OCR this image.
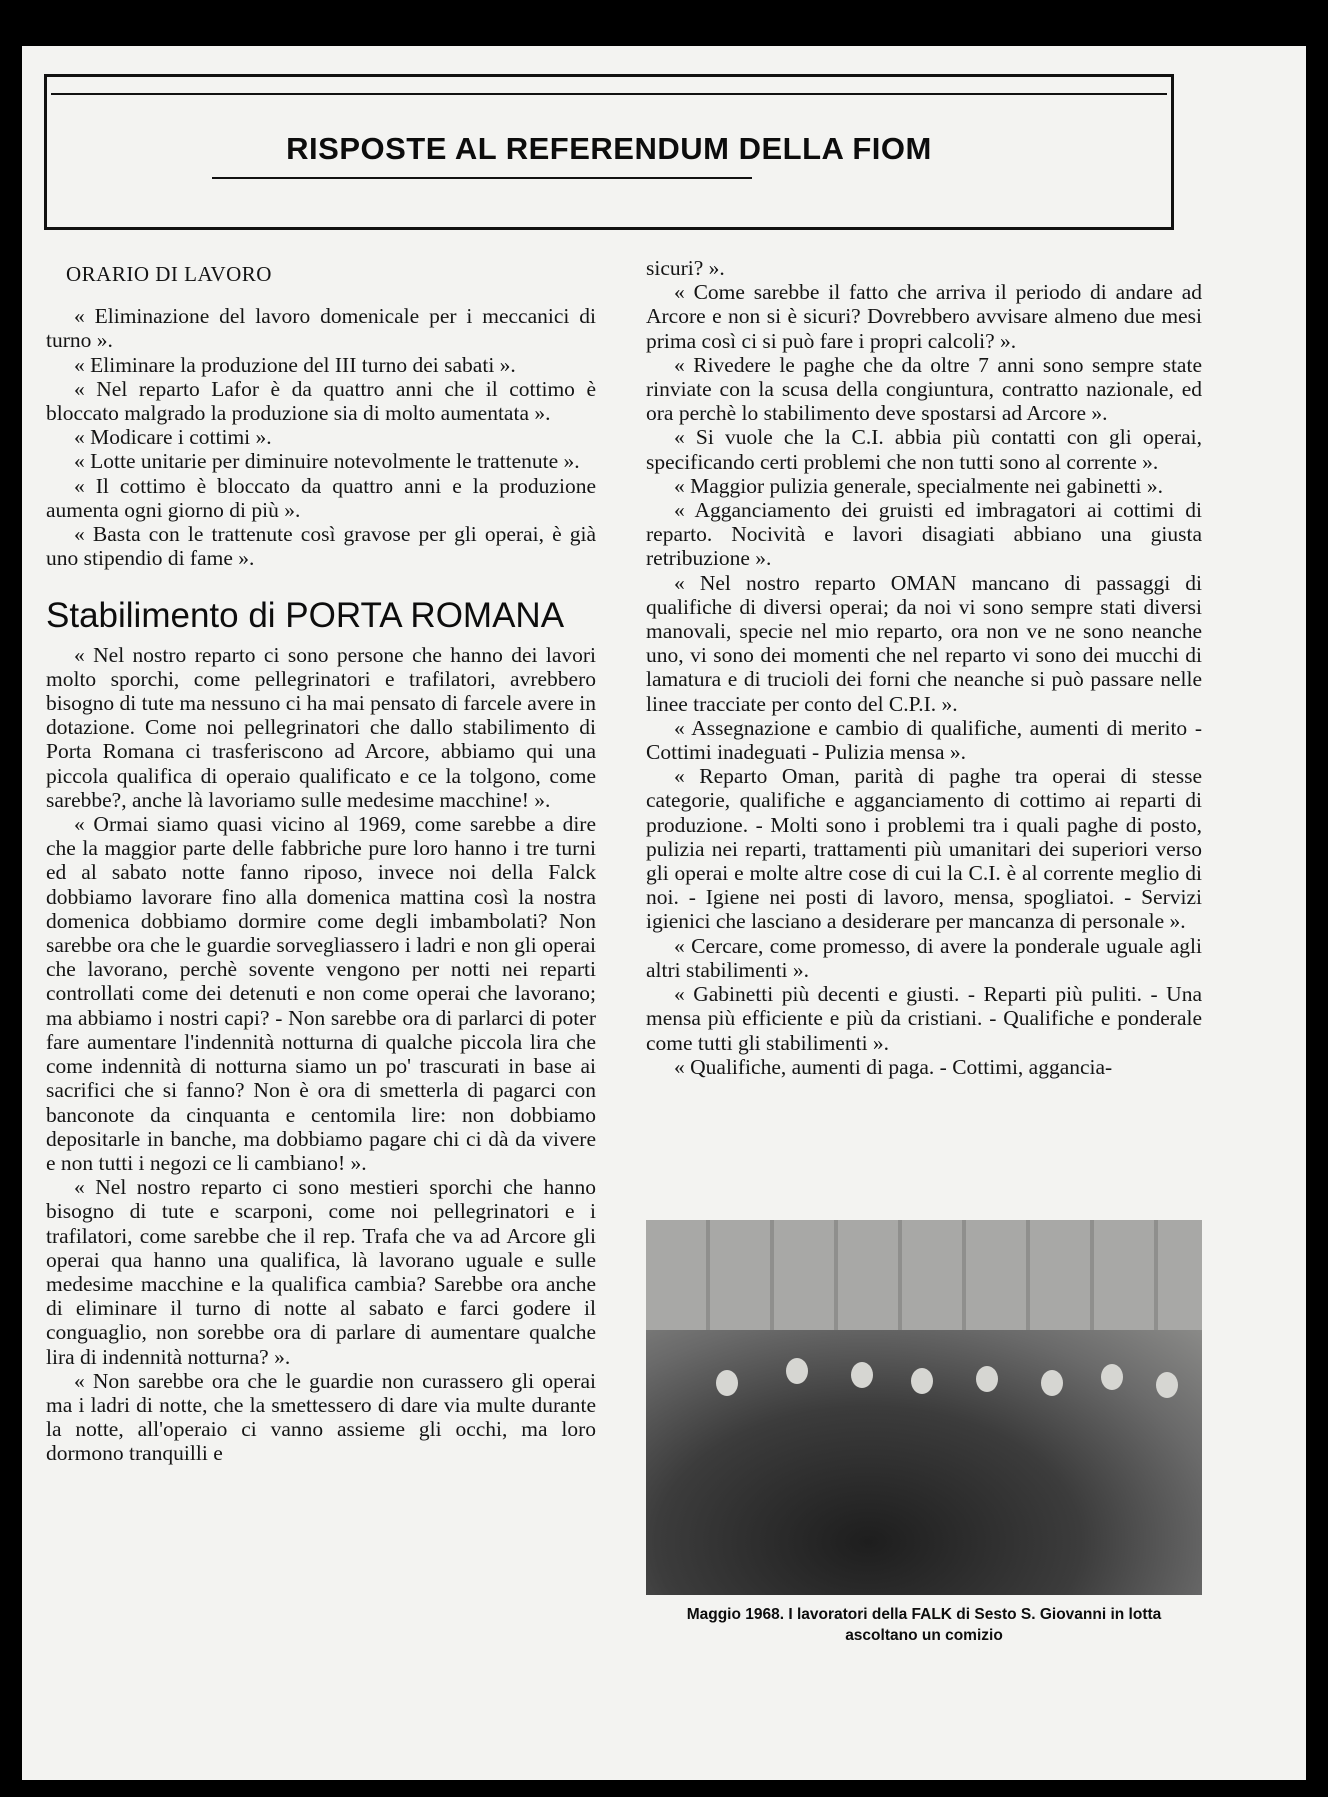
RISPOSTE AL REFERENDUM DELLA FIOM
ORARIO DI LAVORO

« Eliminazione del lavoro domenicale per i meccanici di turno ».

« Eliminare la produzione del III turno dei sabati ».

« Nel reparto Lafor è da quattro anni che il cottimo è bloccato malgrado la produzione sia di molto aumentata ».

« Modicare i cottimi ».

« Lotte unitarie per diminuire notevolmente le trattenute ».

« Il cottimo è bloccato da quattro anni e la produzione aumenta ogni giorno di più ».

« Basta con le trattenute così gravose per gli operai, è già uno stipendio di fame ».

Stabilimento di PORTA ROMANA

« Nel nostro reparto ci sono persone che hanno dei lavori molto sporchi, come pellegrinatori e trafilatori, avrebbero bisogno di tute ma nessuno ci ha mai pensato di farcele avere in dotazione. Come noi pellegrinatori che dallo stabilimento di Porta Romana ci trasferiscono ad Arcore, abbiamo qui una piccola qualifica di operaio qualificato e ce la tolgono, come sarebbe?, anche là lavoriamo sulle medesime macchine! ».

« Ormai siamo quasi vicino al 1969, come sarebbe a dire che la maggior parte delle fabbriche pure loro hanno i tre turni ed al sabato notte fanno riposo, invece noi della Falck dobbiamo lavorare fino alla domenica mattina così la nostra domenica dobbiamo dormire come degli imbambolati? Non sarebbe ora che le guardie sorvegliassero i ladri e non gli operai che lavorano, perchè sovente vengono per notti nei reparti controllati come dei detenuti e non come operai che lavorano; ma abbiamo i nostri capi? - Non sarebbe ora di parlarci di poter fare aumentare l'indennità notturna di qualche piccola lira che come indennità di notturna siamo un po' trascurati in base ai sacrifici che si fanno? Non è ora di smetterla di pagarci con banconote da cinquanta e centomila lire: non dobbiamo depositarle in banche, ma dobbiamo pagare chi ci dà da vivere e non tutti i negozi ce li cambiano! ».

« Nel nostro reparto ci sono mestieri sporchi che hanno bisogno di tute e scarponi, come noi pellegrinatori e i trafilatori, come sarebbe che il rep. Trafa che va ad Arcore gli operai qua hanno una qualifica, là lavorano uguale e sulle medesime macchine e la qualifica cambia? Sarebbe ora anche di eliminare il turno di notte al sabato e farci godere il conguaglio, non sorebbe ora di parlare di aumentare qualche lira di indennità notturna? ».

« Non sarebbe ora che le guardie non curassero gli operai ma i ladri di notte, che la smettessero di dare via multe durante la notte, all'operaio ci vanno assieme gli occhi, ma loro dormono tranquilli e

sicuri? ».

« Come sarebbe il fatto che arriva il periodo di andare ad Arcore e non si è sicuri? Dovrebbero avvisare almeno due mesi prima così ci si può fare i propri calcoli? ».

« Rivedere le paghe che da oltre 7 anni sono sempre state rinviate con la scusa della congiuntura, contratto nazionale, ed ora perchè lo stabilimento deve spostarsi ad Arcore ».

« Si vuole che la C.I. abbia più contatti con gli operai, specificando certi problemi che non tutti sono al corrente ».

« Maggior pulizia generale, specialmente nei gabinetti ».

« Agganciamento dei gruisti ed imbragatori ai cottimi di reparto. Nocività e lavori disagiati abbiano una giusta retribuzione ».

« Nel nostro reparto OMAN mancano di passaggi di qualifiche di diversi operai; da noi vi sono sempre stati diversi manovali, specie nel mio reparto, ora non ve ne sono neanche uno, vi sono dei momenti che nel reparto vi sono dei mucchi di lamatura e di trucioli dei forni che neanche si può passare nelle linee tracciate per conto del C.P.I. ».

« Assegnazione e cambio di qualifiche, aumenti di merito - Cottimi inadeguati - Pulizia mensa ».

« Reparto Oman, parità di paghe tra operai di stesse categorie, qualifiche e agganciamento di cottimo ai reparti di produzione. - Molti sono i problemi tra i quali paghe di posto, pulizia nei reparti, trattamenti più umanitari dei superiori verso gli operai e molte altre cose di cui la C.I. è al corrente meglio di noi. - Igiene nei posti di lavoro, mensa, spogliatoi. - Servizi igienici che lasciano a desiderare per mancanza di personale ».

« Cercare, come promesso, di avere la ponderale uguale agli altri stabilimenti ».

« Gabinetti più decenti e giusti. - Reparti più puliti. - Una mensa più efficiente e più da cristiani. - Qualifiche e ponderale come tutti gli stabilimenti ».

« Qualifiche, aumenti di paga. - Cottimi, aggancia-

Maggio 1968. I lavoratori della FALK di Sesto S. Giovanni in lotta ascoltano un comizio
